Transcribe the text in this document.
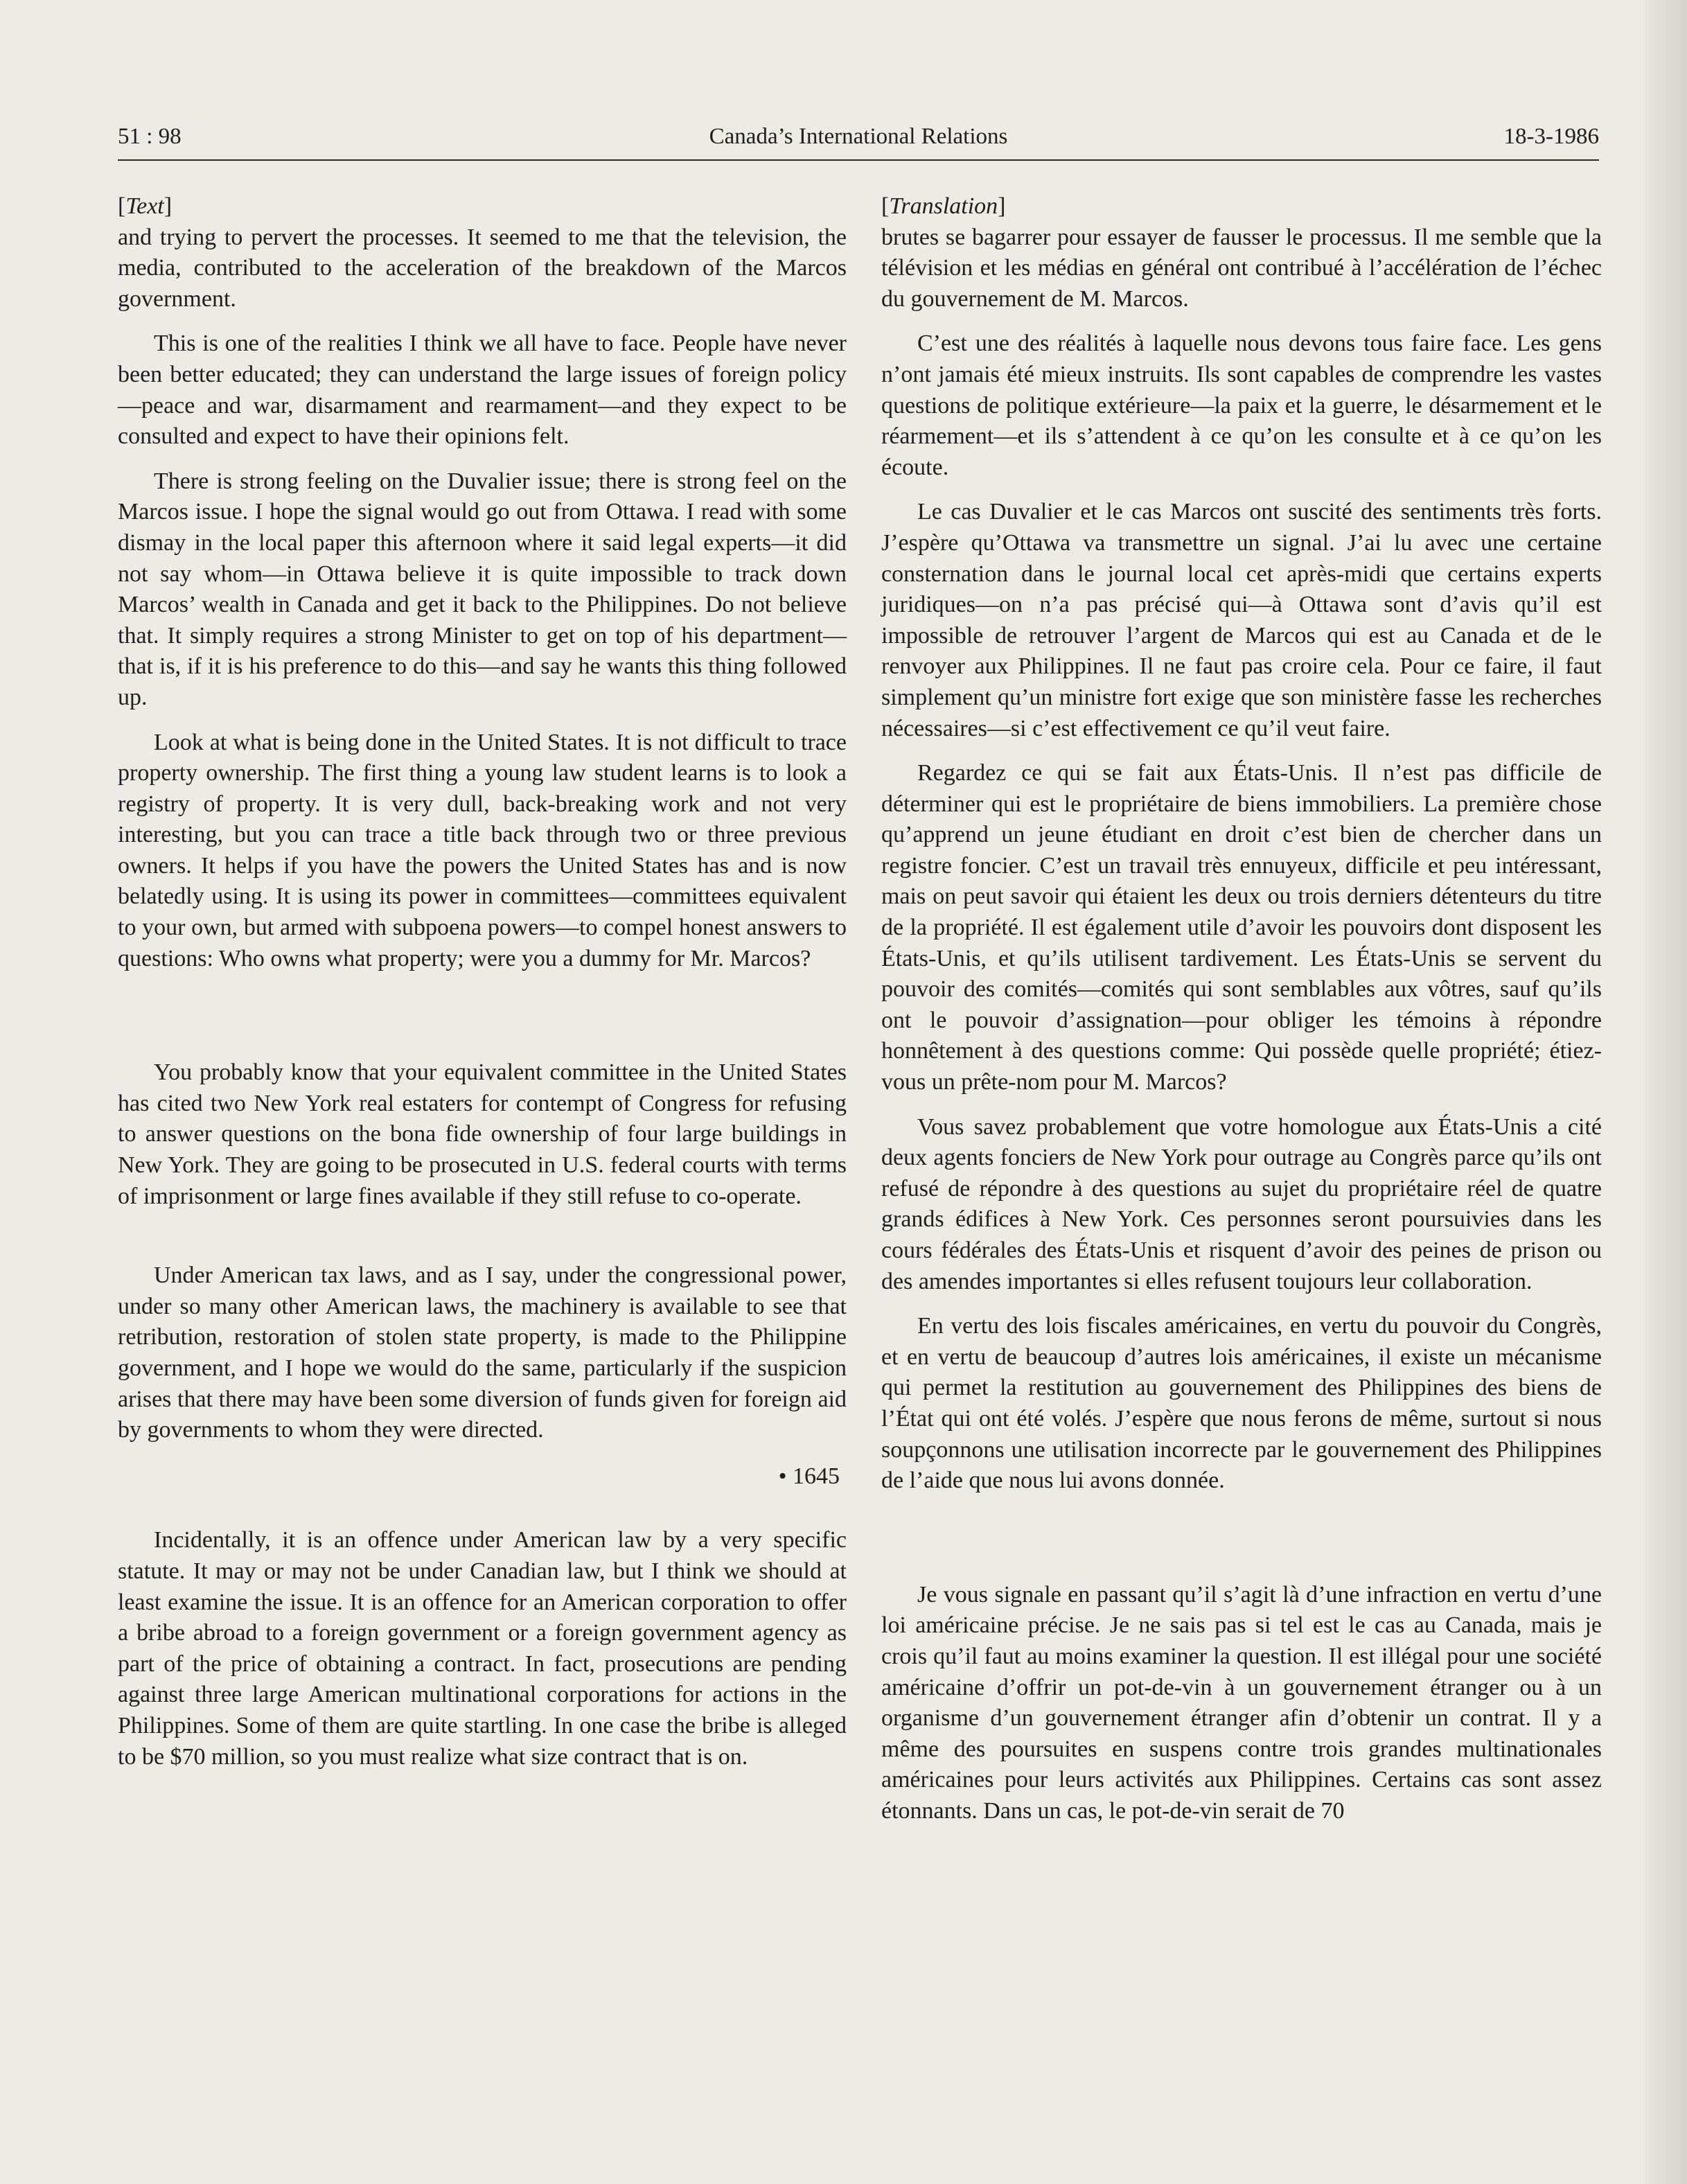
51 : 98	Canada’s International Relations	18-3-1986

[Text]

and trying to pervert the processes. It seemed to me that the television, the media, contributed to the acceleration of the breakdown of the Marcos government.

This is one of the realities I think we all have to face. People have never been better educated; they can understand the large issues of foreign policy—peace and war, disarmament and rearmament—and they expect to be consulted and expect to have their opinions felt.

There is strong feeling on the Duvalier issue; there is strong feel on the Marcos issue. I hope the signal would go out from Ottawa. I read with some dismay in the local paper this afternoon where it said legal experts—it did not say whom—in Ottawa believe it is quite impossible to track down Marcos’ wealth in Canada and get it back to the Philippines. Do not believe that. It simply requires a strong Minister to get on top of his department—that is, if it is his preference to do this—and say he wants this thing followed up.

Look at what is being done in the United States. It is not difficult to trace property ownership. The first thing a young law student learns is to look a registry of property. It is very dull, back-breaking work and not very interesting, but you can trace a title back through two or three previous owners. It helps if you have the powers the United States has and is now belatedly using. It is using its power in committees—committees equivalent to your own, but armed with subpoena powers—to compel honest answers to questions: Who owns what property; were you a dummy for Mr. Marcos?

You probably know that your equivalent committee in the United States has cited two New York real estaters for contempt of Congress for refusing to answer questions on the bona fide ownership of four large buildings in New York. They are going to be prosecuted in U.S. federal courts with terms of imprisonment or large fines available if they still refuse to co-operate.

Under American tax laws, and as I say, under the congressional power, under so many other American laws, the machinery is available to see that retribution, restoration of stolen state property, is made to the Philippine government, and I hope we would do the same, particularly if the suspicion arises that there may have been some diversion of funds given for foreign aid by governments to whom they were directed.

• 1645

Incidentally, it is an offence under American law by a very specific statute. It may or may not be under Canadian law, but I think we should at least examine the issue. It is an offence for an American corporation to offer a bribe abroad to a foreign government or a foreign government agency as part of the price of obtaining a contract. In fact, prosecutions are pending against three large American multinational corporations for actions in the Philippines. Some of them are quite startling. In one case the bribe is alleged to be $70 million, so you must realize what size contract that is on.

[Translation]

brutes se bagarrer pour essayer de fausser le processus. Il me semble que la télévision et les médias en général ont contribué à l’accélération de l’échec du gouvernement de M. Marcos.

C’est une des réalités à laquelle nous devons tous faire face. Les gens n’ont jamais été mieux instruits. Ils sont capables de comprendre les vastes questions de politique extérieure—la paix et la guerre, le désarmement et le réarmement—et ils s’attendent à ce qu’on les consulte et à ce qu’on les écoute.

Le cas Duvalier et le cas Marcos ont suscité des sentiments très forts. J’espère qu’Ottawa va transmettre un signal. J’ai lu avec une certaine consternation dans le journal local cet après-midi que certains experts juridiques—on n’a pas précisé qui—à Ottawa sont d’avis qu’il est impossible de retrouver l’argent de Marcos qui est au Canada et de le renvoyer aux Philippines. Il ne faut pas croire cela. Pour ce faire, il faut simplement qu’un ministre fort exige que son ministère fasse les recherches nécessaires—si c’est effectivement ce qu’il veut faire.

Regardez ce qui se fait aux États-Unis. Il n’est pas difficile de déterminer qui est le propriétaire de biens immobiliers. La première chose qu’apprend un jeune étudiant en droit c’est bien de chercher dans un registre foncier. C’est un travail très ennuyeux, difficile et peu intéressant, mais on peut savoir qui étaient les deux ou trois derniers détenteurs du titre de la propriété. Il est également utile d’avoir les pouvoirs dont disposent les États-Unis, et qu’ils utilisent tardivement. Les États-Unis se servent du pouvoir des comités—comités qui sont semblables aux vôtres, sauf qu’ils ont le pouvoir d’assignation—pour obliger les témoins à répondre honnêtement à des questions comme: Qui possède quelle propriété; étiez-vous un prête-nom pour M. Marcos?

Vous savez probablement que votre homologue aux États-Unis a cité deux agents fonciers de New York pour outrage au Congrès parce qu’ils ont refusé de répondre à des questions au sujet du propriétaire réel de quatre grands édifices à New York. Ces personnes seront poursuivies dans les cours fédérales des États-Unis et risquent d’avoir des peines de prison ou des amendes importantes si elles refusent toujours leur collaboration.

En vertu des lois fiscales américaines, en vertu du pouvoir du Congrès, et en vertu de beaucoup d’autres lois américaines, il existe un mécanisme qui permet la restitution au gouvernement des Philippines des biens de l’État qui ont été volés. J’espère que nous ferons de même, surtout si nous soupçonnons une utilisation incorrecte par le gouvernement des Philippines de l’aide que nous lui avons donnée.

Je vous signale en passant qu’il s’agit là d’une infraction en vertu d’une loi américaine précise. Je ne sais pas si tel est le cas au Canada, mais je crois qu’il faut au moins examiner la question. Il est illégal pour une société américaine d’offrir un pot-de-vin à un gouvernement étranger ou à un organisme d’un gouvernement étranger afin d’obtenir un contrat. Il y a même des poursuites en suspens contre trois grandes multinationales américaines pour leurs activités aux Philippines. Certains cas sont assez étonnants. Dans un cas, le pot-de-vin serait de 70
